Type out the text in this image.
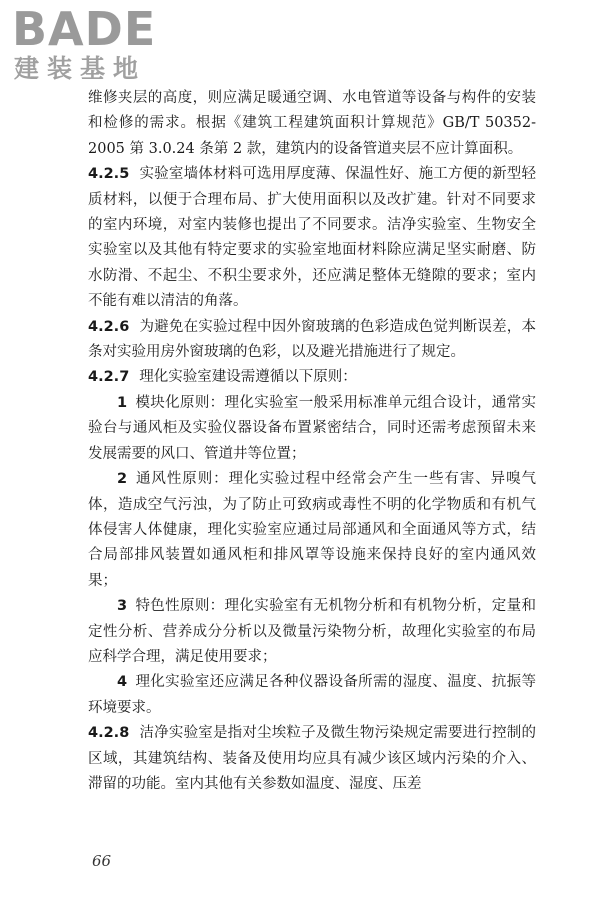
BADE
建装基地

维修夹层的高度，则应满足暖通空调、水电管道等设备与构件的安装和检修的需求。根据《建筑工程建筑面积计算规范》GB/T 50352-2005 第 3.0.24 条第 2 款，建筑内的设备管道夹层不应计算面积。

4.2.5 实验室墙体材料可选用厚度薄、保温性好、施工方便的新型轻质材料，以便于合理布局、扩大使用面积以及改扩建。针对不同要求的室内环境，对室内装修也提出了不同要求。洁净实验室、生物安全实验室以及其他有特定要求的实验室地面材料除应满足坚实耐磨、防水防滑、不起尘、不积尘要求外，还应满足整体无缝隙的要求；室内不能有难以清洁的角落。

4.2.6 为避免在实验过程中因外窗玻璃的色彩造成色觉判断误差，本条对实验用房外窗玻璃的色彩，以及避光措施进行了规定。

4.2.7 理化实验室建设需遵循以下原则：

1 模块化原则：理化实验室一般采用标准单元组合设计，通常实验台与通风柜及实验仪器设备布置紧密结合，同时还需考虑预留未来发展需要的风口、管道井等位置；

2 通风性原则：理化实验过程中经常会产生一些有害、异嗅气体，造成空气污浊，为了防止可致病或毒性不明的化学物质和有机气体侵害人体健康，理化实验室应通过局部通风和全面通风等方式，结合局部排风装置如通风柜和排风罩等设施来保持良好的室内通风效果；

3 特色性原则：理化实验室有无机物分析和有机物分析，定量和定性分析、营养成分分析以及微量污染物分析，故理化实验室的布局应科学合理，满足使用要求；

4 理化实验室还应满足各种仪器设备所需的湿度、温度、抗振等环境要求。

4.2.8 洁净实验室是指对尘埃粒子及微生物污染规定需要进行控制的区域，其建筑结构、装备及使用均应具有减少该区域内污染的介入、滞留的功能。室内其他有关参数如温度、湿度、压差

66
